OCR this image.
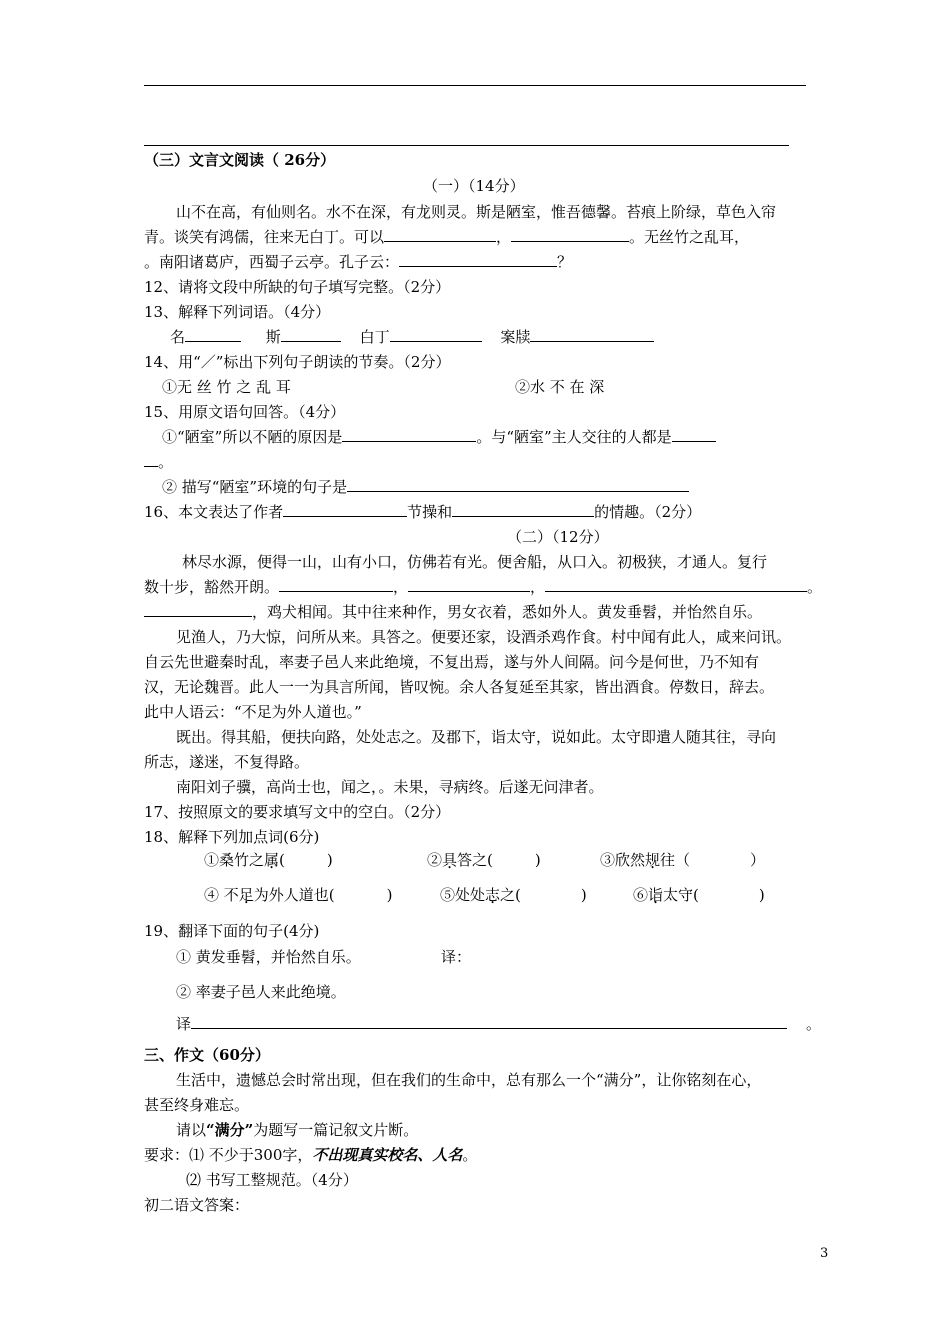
（三）文言文阅读（ 26分）
（一）（14分）
山不在高，有仙则名。水不在深，有龙则灵。斯是陋室，惟吾德馨。苔痕上阶绿，草色入帘
青。谈笑有鸿儒，往来无白丁。可以	，	。无丝竹之乱耳，
。南阳诸葛庐，西蜀子云亭。孔子云：	？
12、请将文段中所缺的句子填写完整。（2分）
13、解释下列词语。（4分）
名	斯	白丁	案牍
14、用“／”标出下列句子朗读的节奏。（2分）
①无 丝 竹 之 乱 耳	②水 不 在 深
15、用原文语句回答。（4分）
①“陋室”所以不陋的原因是	。与“陋室”主人交往的人都是
。
② 描写“陋室”环境的句子是
16、本文表达了作者	节操和	的情趣。（2分）
（二）（12分）
林尽水源，便得一山，山有小口，仿佛若有光。便舍船，从口入。初极狭，才通人。复行
数十步，豁然开朗。	，	，	。
，鸡犬相闻。其中往来种作，男女衣着，悉如外人。黄发垂髫，并怡然自乐。
见渔人，乃大惊，问所从来。具答之。便要还家，设酒杀鸡作食。村中闻有此人，咸来问讯。
自云先世避秦时乱，率妻子邑人来此绝境，不复出焉，遂与外人间隔。问今是何世，乃不知有
汉，无论魏晋。此人一一为具言所闻，皆叹惋。余人各复延至其家，皆出酒食。停数日，辞去。
此中人语云：“不足为外人道也。”
既出。得其船，便扶向路，处处志之。及郡下，诣太守，说如此。太守即遣人随其往，寻向
所志，遂迷，不复得路。
南阳刘子骥，高尚士也，闻之，。未果，寻病终。后遂无问津者。
17、按照原文的要求填写文中的空白。（2分）
18、解释下列加点词(6分)
①桑竹之属(	)	②具答之(	)	③欣然规往（	）
④ 不足为外人道也(	)	⑤处处志之(	)	⑥诣太守(	)
19、翻译下面的句子(4分)
① 黄发垂髫，并怡然自乐。	译：
② 率妻子邑人来此绝境。
译	。
三、作文（60分）
生活中，遗憾总会时常出现，但在我们的生命中，总有那么一个“满分”，让你铭刻在心，
甚至终身难忘。
请以“满分”为题写一篇记叙文片断。
要求：⑴ 不少于300字，不出现真实校名、人名。
⑵ 书写工整规范。（4分）
初二语文答案：
3
